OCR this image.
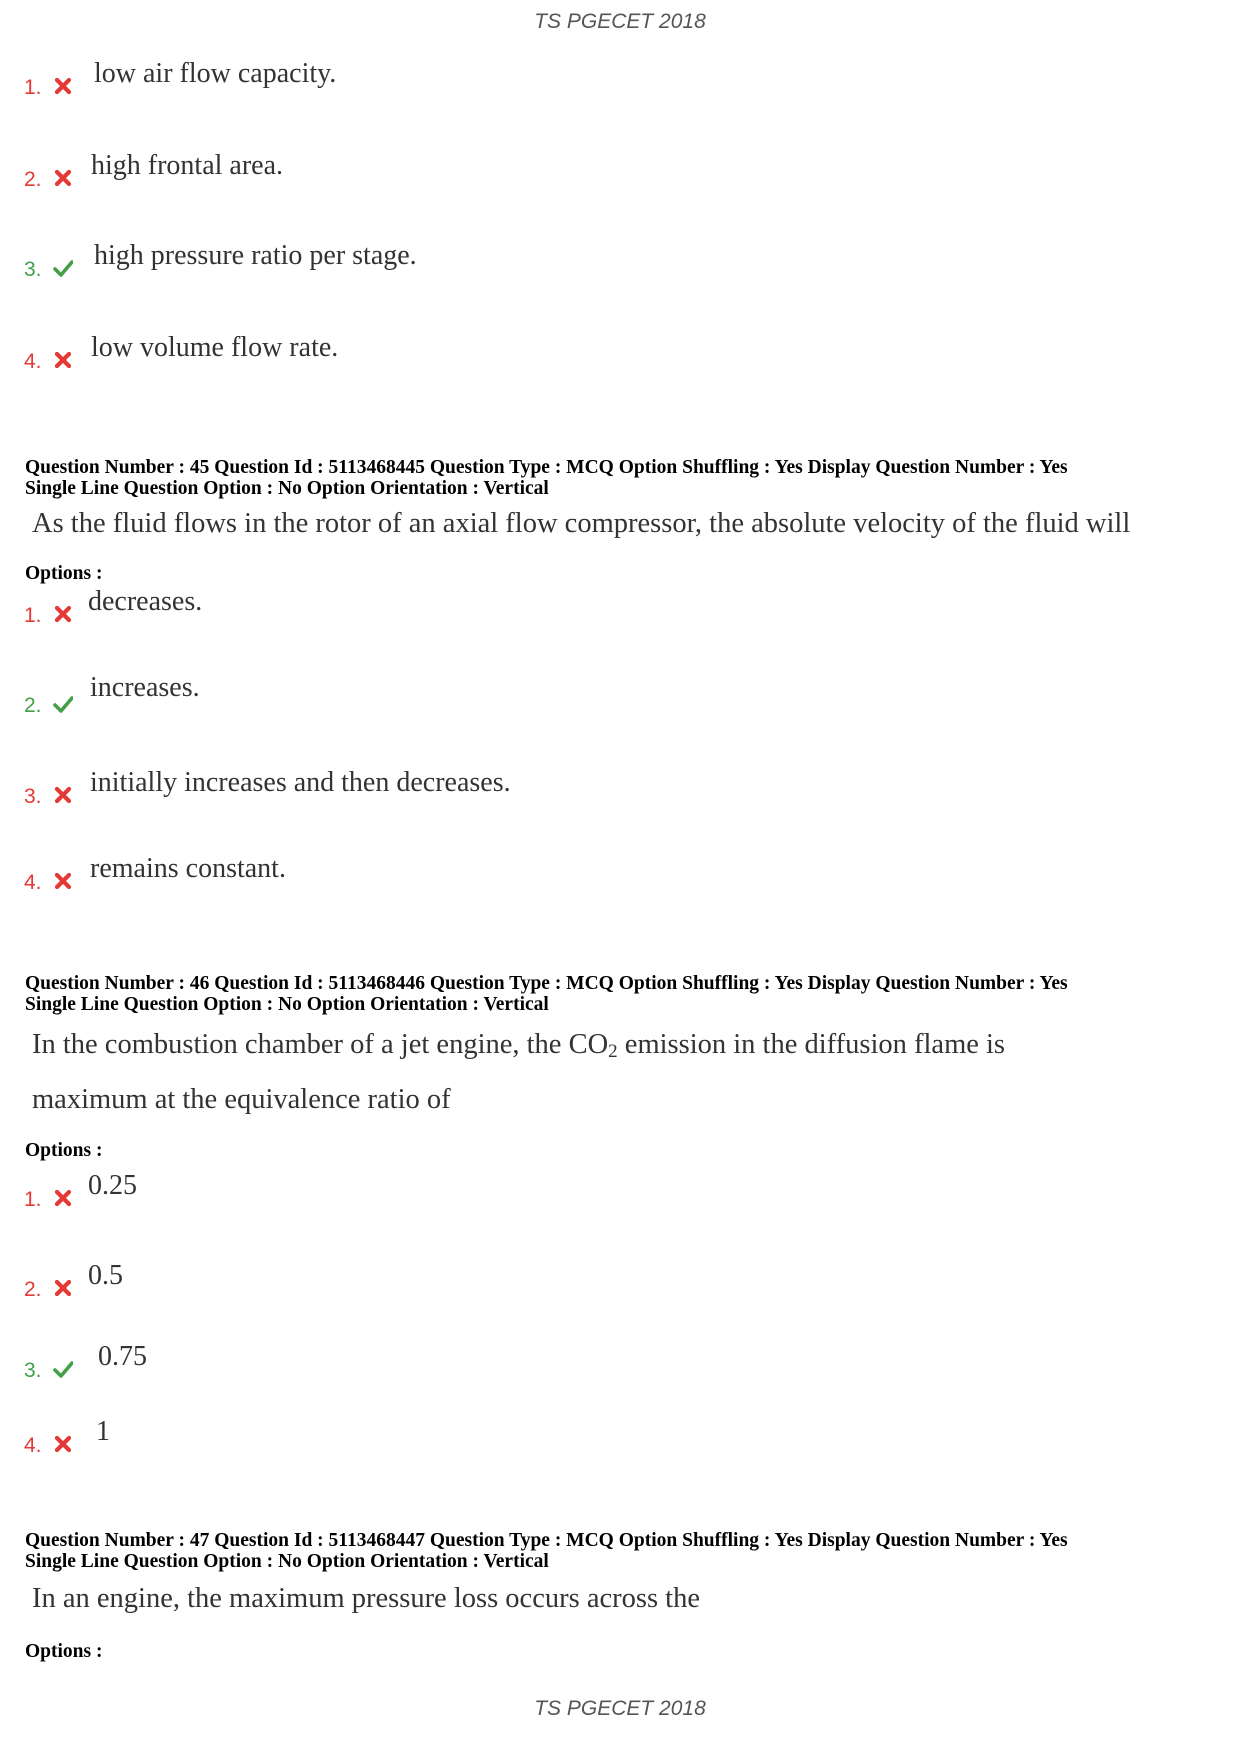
TS PGECET 2018
1. low air flow capacity.
2. high frontal area.
3. high pressure ratio per stage.
4. low volume flow rate.
Question Number : 45 Question Id : 5113468445 Question Type : MCQ Option Shuffling : Yes Display Question Number : Yes
Single Line Question Option : No Option Orientation : Vertical
As the fluid flows in the rotor of an axial flow compressor, the absolute velocity of the fluid will
Options :
1. decreases.
2.
increases.
3. initially increases and then decreases.
4. remains constant.
Question Number : 46 Question Id : 5113468446 Question Type : MCQ Option Shuffling : Yes Display Question Number : Yes
Single Line Question Option : No Option Orientation : Vertical
In the combustion chamber of a jet engine, the $CO_2$ emission in the diffusion flame is
maximum at the equivalence ratio of
Options :
1. 0.25
2. 0.5
3. 0.75
4. 1
Question Number : 47 Question Id : 5113468447 Question Type : MCQ Option Shuffling : Yes Display Question Number : Yes
Single Line Question Option : No Option Orientation : Vertical
In an engine, the maximum pressure loss occurs across the
Options :
TS PGECET 2018
